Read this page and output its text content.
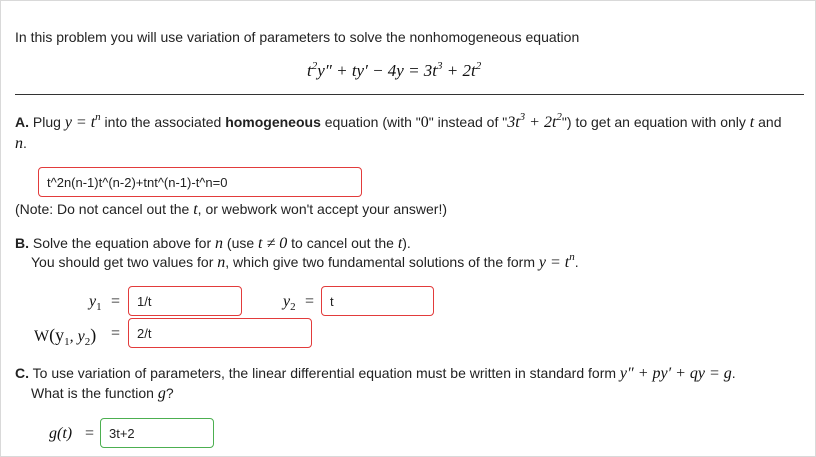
In this problem you will use variation of parameters to solve the nonhomogeneous equation
$t^2y'' + ty' - 4y = 3t^3 + 2t^2$
A. Plug $y = t^n$ into the associated homogeneous equation (with "0" instead of "$3t^3$ + $2t^2$") to get an equation with only t and
n.
t^2n(n-1)t^(n-2)+tnt^(n-1)-t^n=0
(Note: Do not cancel out the t, or webwork won't accept your answer!)
B. Solve the equation above for n (use t ≠ 0 to cancel out the t).
You should get two values for n, which give two fundamental solutions of the form $y = t^n$.
$y_1$ =
1/t	$y_2$ =
t
$W(y_1$, $y_2$) =
2/t
C. To use variation of parameters, the linear differential equation must be written in standard form y″ + py′ + qy = g.
What is the function g?
g(t) =
3t+2
